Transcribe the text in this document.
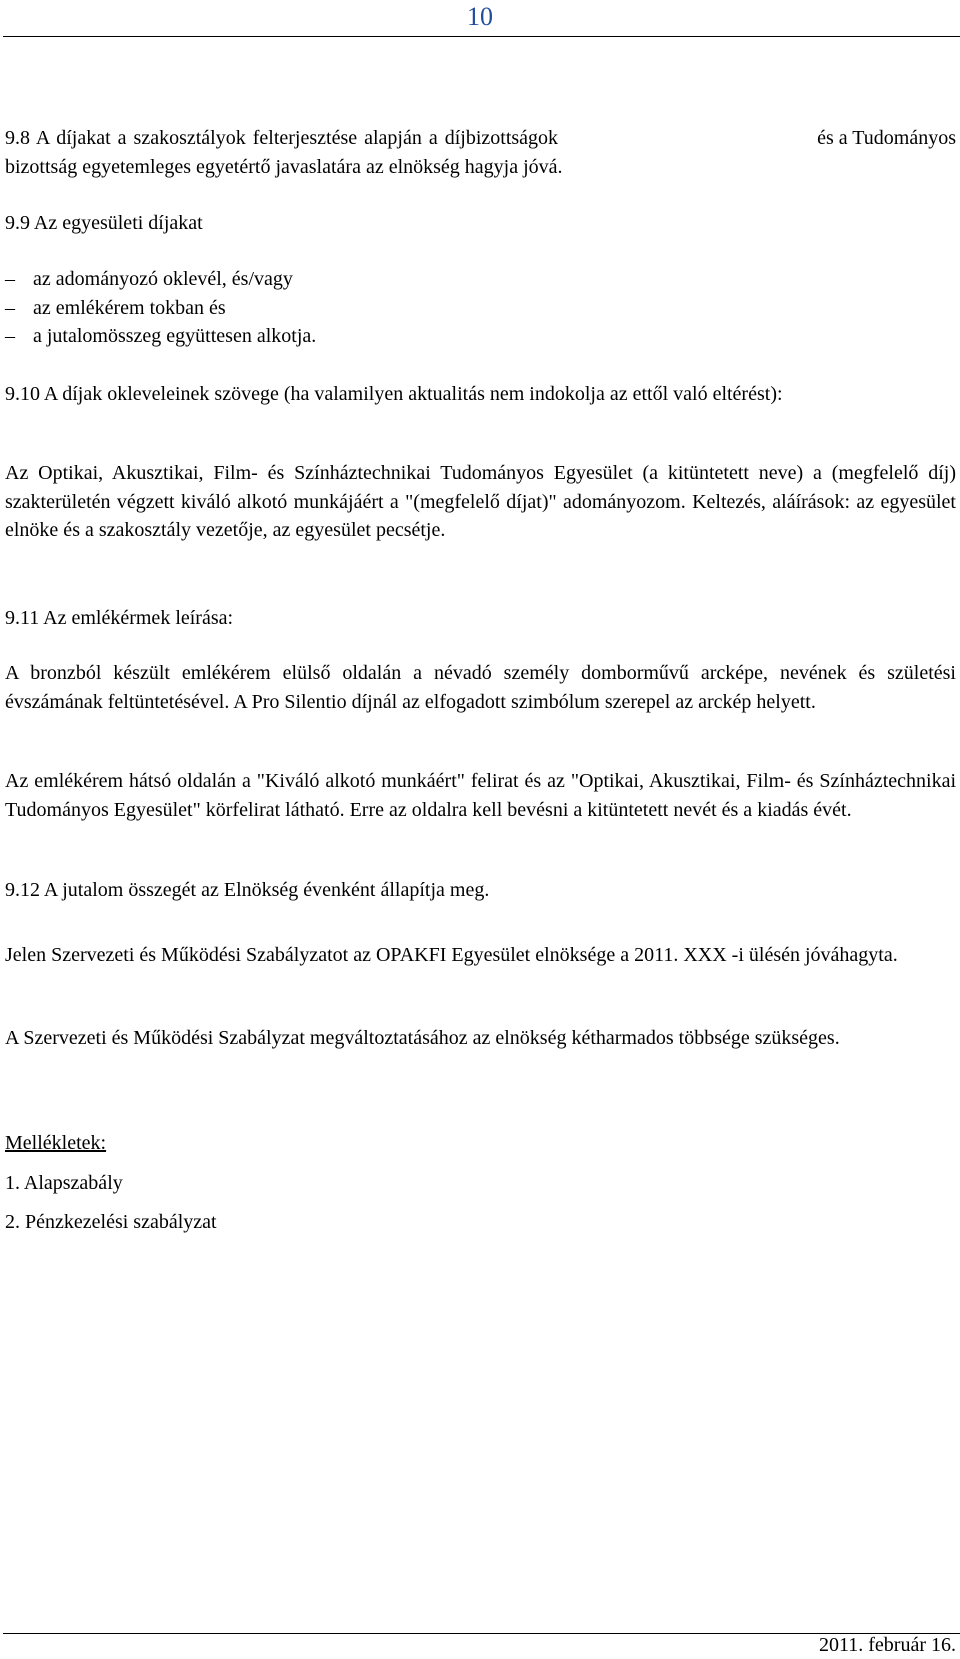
10
9.8 A díjakat a szakosztályok felterjesztése alapján a díjbizottságok	és a Tudományos
bizottság egyetemleges egyetértő javaslatára az elnökség hagyja jóvá.
9.9 Az egyesületi díjakat
– az adományozó oklevél, és/vagy
– az emlékérem tokban és
– a jutalomösszeg együttesen alkotja.
9.10 A díjak okleveleinek szövege (ha valamilyen aktualitás nem indokolja az ettől való eltérést):
Az Optikai, Akusztikai, Film- és Színháztechnikai Tudományos Egyesület (a kitüntetett neve) a (megfelelő díj) szakterületén végzett kiváló alkotó munkájáért a "(megfelelő díjat)" adományozom. Keltezés, aláírások: az egyesület elnöke és a szakosztály vezetője, az egyesület pecsétje.
9.11 Az emlékérmek leírása:
A bronzból készült emlékérem elülső oldalán a névadó személy domborművű arcképe, nevének és születési évszámának feltüntetésével. A Pro Silentio díjnál az elfogadott szimbólum szerepel az arckép helyett.
Az emlékérem hátsó oldalán a "Kiváló alkotó munkáért" felirat és az "Optikai, Akusztikai, Film- és Színháztechnikai Tudományos Egyesület" körfelirat látható. Erre az oldalra kell bevésni a kitüntetett nevét és a kiadás évét.
9.12 A jutalom összegét az Elnökség évenként állapítja meg.
Jelen Szervezeti és Működési Szabályzatot az OPAKFI Egyesület elnöksége a 2011. XXX -i ülésén jóváhagyta.
A Szervezeti és Működési Szabályzat megváltoztatásához az elnökség kétharmados többsége szükséges.
Mellékletek:
1. Alapszabály
2. Pénzkezelési szabályzat
2011. február 16.
